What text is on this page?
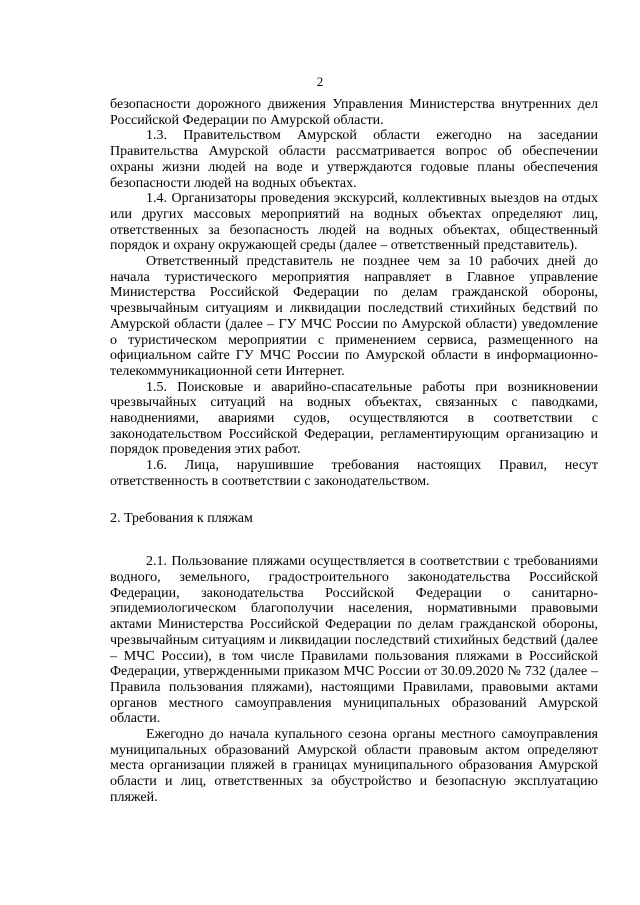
2

безопасности дорожного движения Управления Министерства внутренних дел Российской Федерации по Амурской области.

1.3. Правительством Амурской области ежегодно на заседании Правительства Амурской области рассматривается вопрос об обеспечении охраны жизни людей на воде и утверждаются годовые планы обеспечения безопасности людей на водных объектах.

1.4. Организаторы проведения экскурсий, коллективных выездов на отдых или других массовых мероприятий на водных объектах определяют лиц, ответственных за безопасность людей на водных объектах, общественный порядок и охрану окружающей среды (далее – ответственный представитель).

Ответственный представитель не позднее чем за 10 рабочих дней до начала туристического мероприятия направляет в Главное управление Министерства Российской Федерации по делам гражданской обороны, чрезвычайным ситуациям и ликвидации последствий стихийных бедствий по Амурской области (далее – ГУ МЧС России по Амурской области) уведомление о туристическом мероприятии с применением сервиса, размещенного на официальном сайте ГУ МЧС России по Амурской области в информационно-телекоммуникационной сети Интернет.

1.5. Поисковые и аварийно-спасательные работы при возникновении чрезвычайных ситуаций на водных объектах, связанных с паводками, наводнениями, авариями судов, осуществляются в соответствии с законодательством Российской Федерации, регламентирующим организацию и порядок проведения этих работ.

1.6. Лица, нарушившие требования настоящих Правил, несут ответственность в соответствии с законодательством.

2. Требования к пляжам

2.1. Пользование пляжами осуществляется в соответствии с требованиями водного, земельного, градостроительного законодательства Российской Федерации, законодательства Российской Федерации о санитарно-эпидемиологическом благополучии населения, нормативными правовыми актами Министерства Российской Федерации по делам гражданской обороны, чрезвычайным ситуациям и ликвидации последствий стихийных бедствий (далее – МЧС России), в том числе Правилами пользования пляжами в Российской Федерации, утвержденными приказом МЧС России от 30.09.2020 № 732 (далее – Правила пользования пляжами), настоящими Правилами, правовыми актами органов местного самоуправления муниципальных образований Амурской области.

Ежегодно до начала купального сезона органы местного самоуправления муниципальных образований Амурской области правовым актом определяют места организации пляжей в границах муниципального образования Амурской области и лиц, ответственных за обустройство и безопасную эксплуатацию пляжей.
